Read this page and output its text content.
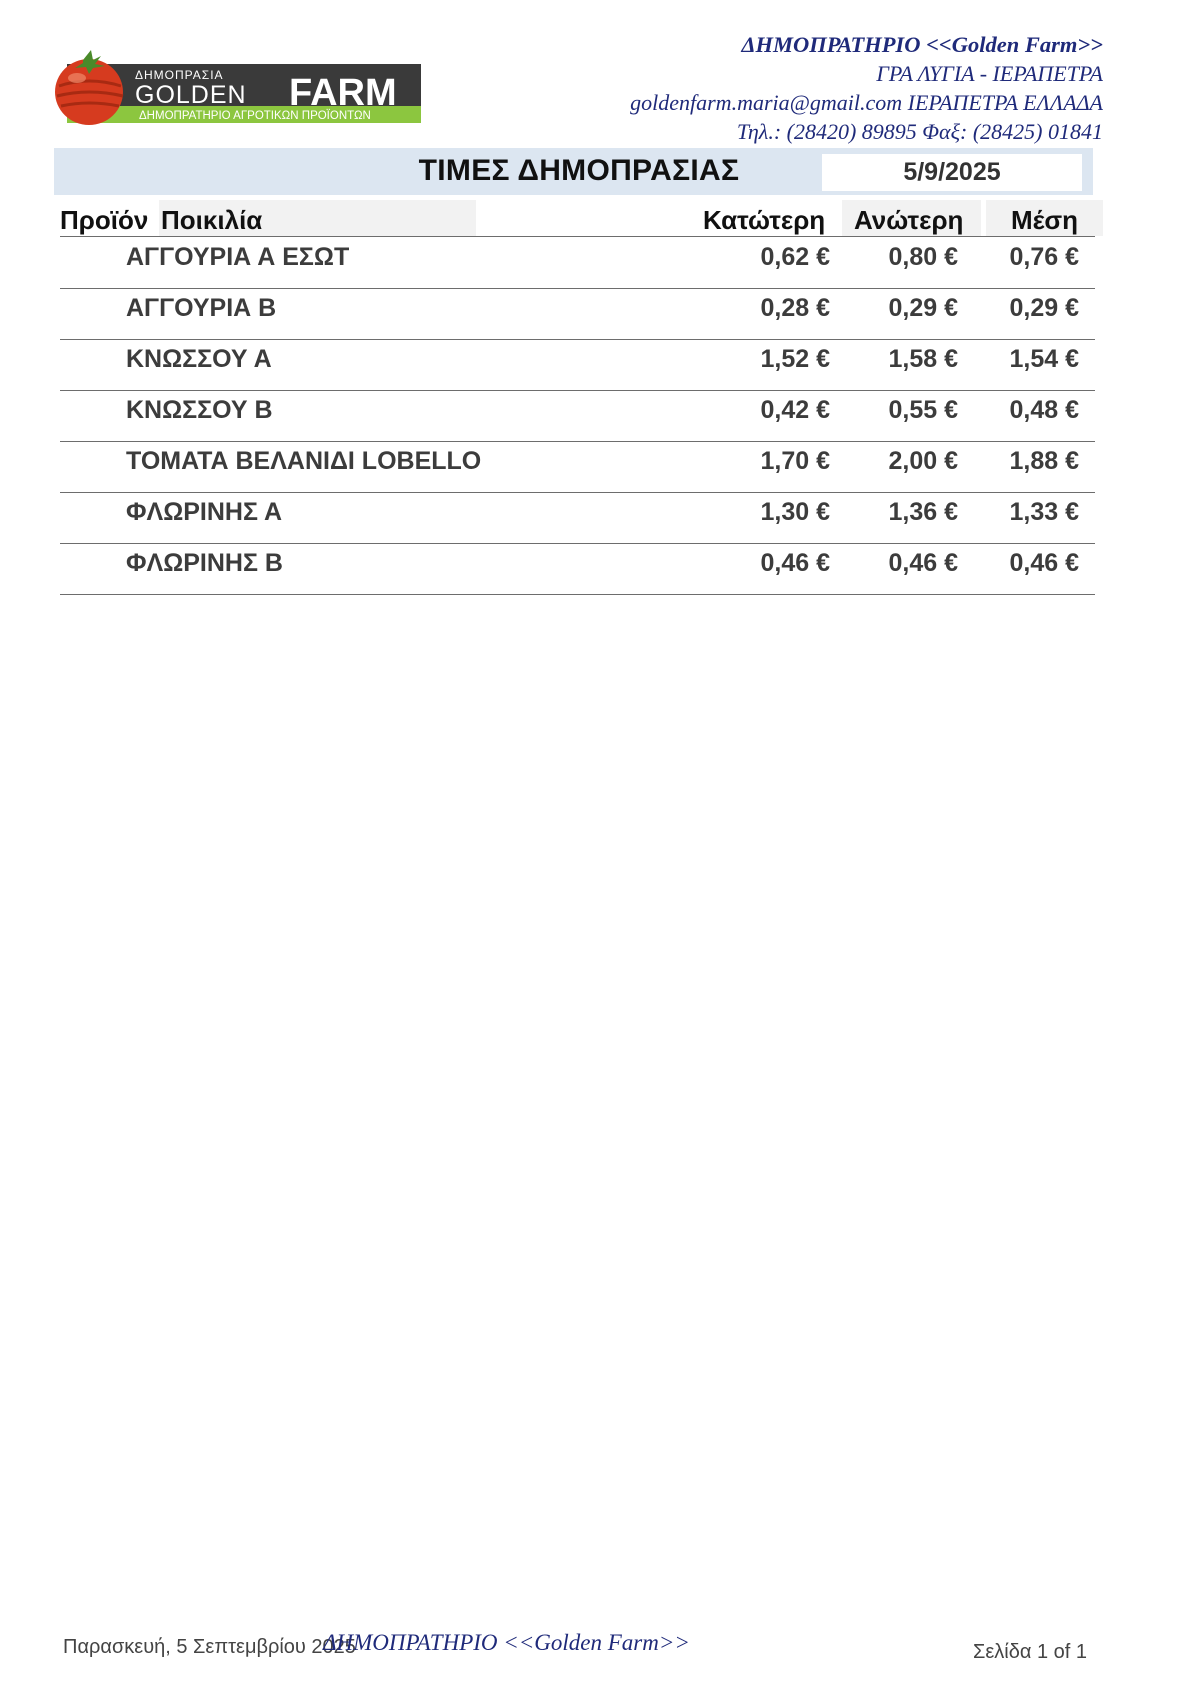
ΔΗΜΟΠΡΑΣΙΑ
GOLDEN FARM
ΔΗΜΟΠΡΑΤΗΡΙΟ ΑΓΡΟΤΙΚΩΝ ΠΡΟΪΟΝΤΩΝ
ΔΗΜΟΠΡΑΤΗΡΙΟ <<Golden Farm>>
ΓΡΑ ΛΥΓΙΑ - ΙΕΡΑΠΕΤΡΑ
goldenfarm.maria@gmail.com ΙΕΡΑΠΕΤΡΑ ΕΛΛΑΔΑ
Τηλ.: (28420) 89895 Φαξ: (28425) 01841
ΤΙΜΕΣ ΔΗΜΟΠΡΑΣΙΑΣ	5/9/2025
Προϊόν Ποικιλία	Κατώτερη	Ανώτερη	Μέση
ΑΓΓΟΥΡΙΑ Α ΕΣΩΤ	0,62 € 0,80 € 0,76 €
ΑΓΓΟΥΡΙΑ Β	0,28 € 0,29 € 0,29 €
ΚΝΩΣΣΟΥ Α	1,52 € 1,58 € 1,54 €
ΚΝΩΣΣΟΥ Β	0,42 € 0,55 € 0,48 €
ΤΟΜΑΤΑ ΒΕΛΑΝΙΔΙ LOBELLO	1,70 € 2,00 € 1,88 €
ΦΛΩΡΙΝΗΣ Α	1,30 € 1,36 € 1,33 €
ΦΛΩΡΙΝΗΣ Β	0,46 € 0,46 € 0,46 €
Παρασκευή, 5 Σεπτεμβρίου 2025
ΔΗΜΟΠΡΑΤΗΡΙΟ <<Golden Farm>>	Σελίδα 1 of 1
